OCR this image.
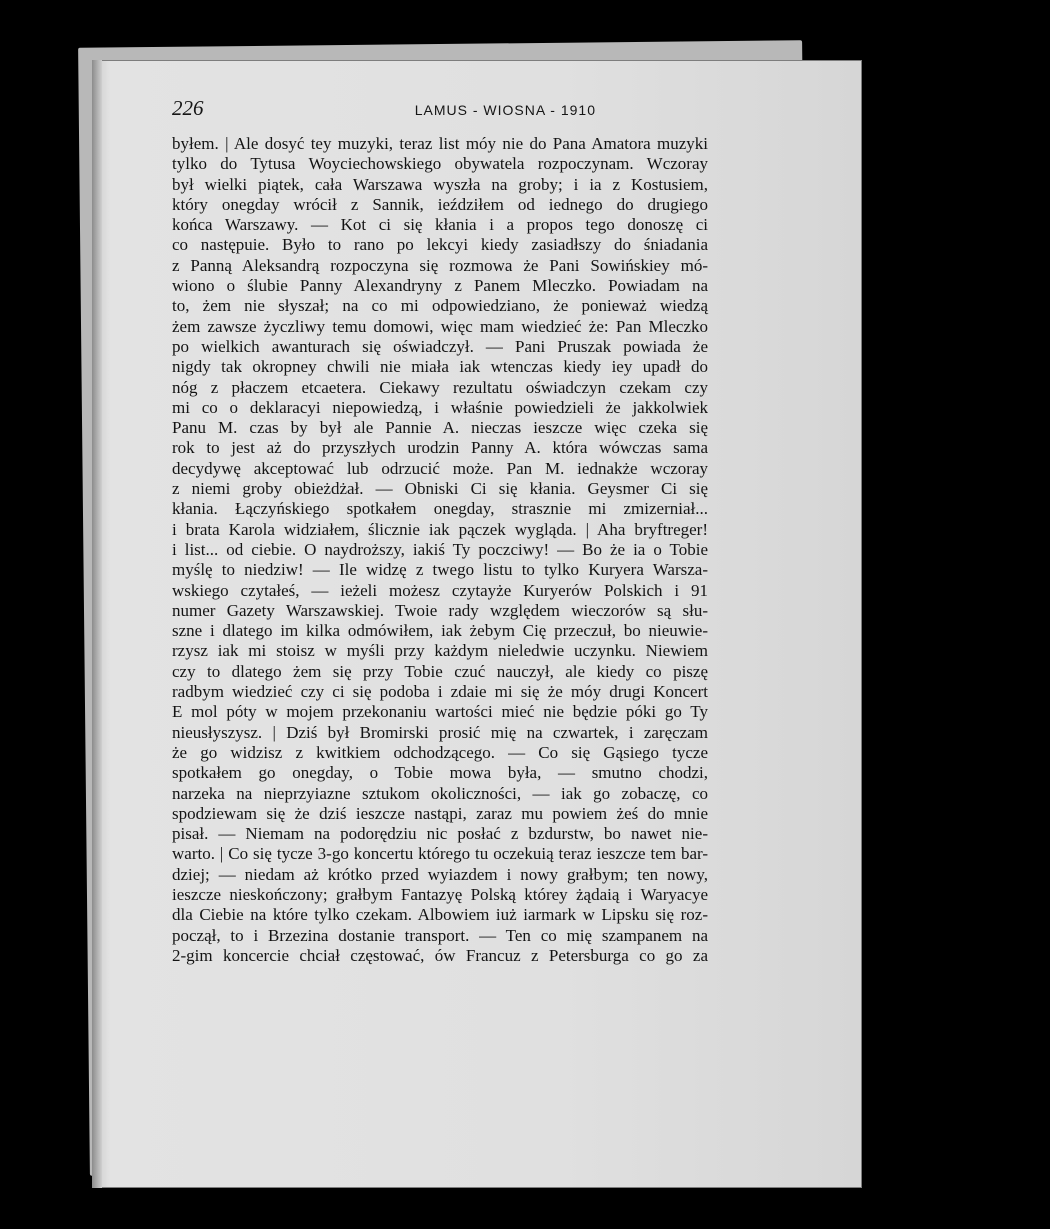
226	LAMUS - WIOSNA - 1910
byłem. | Ale dosyć tey muzyki, teraz list móy nie do Pana Amatora muzyki
tylko do Tytusa Woyciechowskiego obywatela rozpoczynam. Wczoray
był wielki piątek, cała Warszawa wyszła na groby; i ia z Kostusiem,
który onegday wrócił z Sannik, ieździłem od iednego do drugiego
końca Warszawy. — Kot ci się kłania i a propos tego donoszę ci
co następuie. Było to rano po lekcyi kiedy zasiadłszy do śniadania
z Panną Aleksandrą rozpoczyna się rozmowa że Pani Sowińskiey mó-
wiono o ślubie Panny Alexandryny z Panem Mleczko. Powiadam na
to, żem nie słyszał; na co mi odpowiedziano, że ponieważ wiedzą
żem zawsze życzliwy temu domowi, więc mam wiedzieć że: Pan Mleczko
po wielkich awanturach się oświadczył. — Pani Pruszak powiada że
nigdy tak okropney chwili nie miała iak wtenczas kiedy iey upadł do
nóg z płaczem etcaetera. Ciekawy rezultatu oświadczyn czekam czy
mi co o deklaracyi niepowiedzą, i właśnie powiedzieli że jakkolwiek
Panu M. czas by był ale Pannie A. nieczas ieszcze więc czeka się
rok to jest aż do przyszłych urodzin Panny A. która wówczas sama
decydywę akceptować lub odrzucić może. Pan M. iednakże wczoray
z niemi groby obieżdżał. — Obniski Ci się kłania. Geysmer Ci się
kłania. Łączyńskiego spotkałem onegday, strasznie mi zmizerniał...
i brata Karola widziałem, ślicznie iak pączek wygląda. | Aha bryftreger!
i list... od ciebie. O naydroższy, iakiś Ty poczciwy! — Bo że ia o Tobie
myślę to niedziw! — Ile widzę z twego listu to tylko Kuryera Warsza-
wskiego czytałeś, — ieżeli możesz czytayże Kuryerów Polskich i 91
numer Gazety Warszawskiej. Twoie rady względem wieczorów są słu-
szne i dlatego im kilka odmówiłem, iak żebym Cię przeczuł, bo nieuwie-
rzysz iak mi stoisz w myśli przy każdym nieledwie uczynku. Niewiem
czy to dlatego żem się przy Tobie czuć nauczył, ale kiedy co piszę
radbym wiedzieć czy ci się podoba i zdaie mi się że móy drugi Koncert
E mol póty w mojem przekonaniu wartości mieć nie będzie póki go Ty
nieusłyszysz. | Dziś był Bromirski prosić mię na czwartek, i zaręczam
że go widzisz z kwitkiem odchodzącego. — Co się Gąsiego tycze
spotkałem go onegday, o Tobie mowa była, — smutno chodzi,
narzeka na nieprzyiazne sztukom okoliczności, — iak go zobaczę, co
spodziewam się że dziś ieszcze nastąpi, zaraz mu powiem żeś do mnie
pisał. — Niemam na podorędziu nic posłać z bzdurstw, bo nawet nie-
warto. | Co się tycze 3-go koncertu którego tu oczekuią teraz ieszcze tem bar-
dziej; — niedam aż krótko przed wyiazdem i nowy grałbym; ten nowy,
ieszcze nieskończony; grałbym Fantazyę Polską którey żądaią i Waryacye
dla Ciebie na które tylko czekam. Albowiem iuż iarmark w Lipsku się roz-
począł, to i Brzezina dostanie transport. — Ten co mię szampanem na
2-gim koncercie chciał częstować, ów Francuz z Petersburga co go za
